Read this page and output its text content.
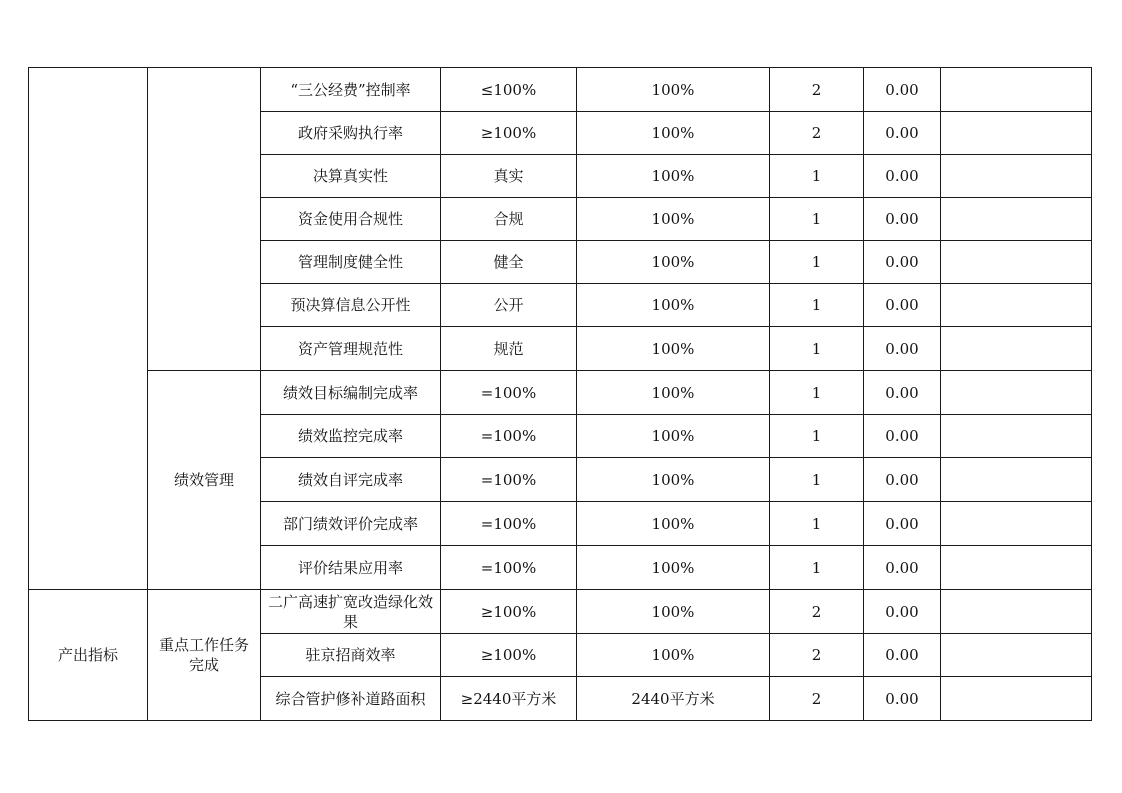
		“三公经费”控制率	≤100%	100%	2	0.00	
		政府采购执行率	≥100%	100%	2	0.00	
		决算真实性	真实	100%	1	0.00	
		资金使用合规性	合规	100%	1	0.00	
		管理制度健全性	健全	100%	1	0.00	
		预决算信息公开性	公开	100%	1	0.00	
		资产管理规范性	规范	100%	1	0.00	
	绩效管理	绩效目标编制完成率	=100%	100%	1	0.00	
		绩效监控完成率	=100%	100%	1	0.00	
		绩效自评完成率	=100%	100%	1	0.00	
		部门绩效评价完成率	=100%	100%	1	0.00	
		评价结果应用率	=100%	100%	1	0.00	
产出指标	重点工作任务完成	二广高速扩宽改造绿化效果	≥100%	100%	2	0.00	
		驻京招商效率	≥100%	100%	2	0.00	
		综合管护修补道路面积	≥2440平方米	2440平方米	2	0.00	
